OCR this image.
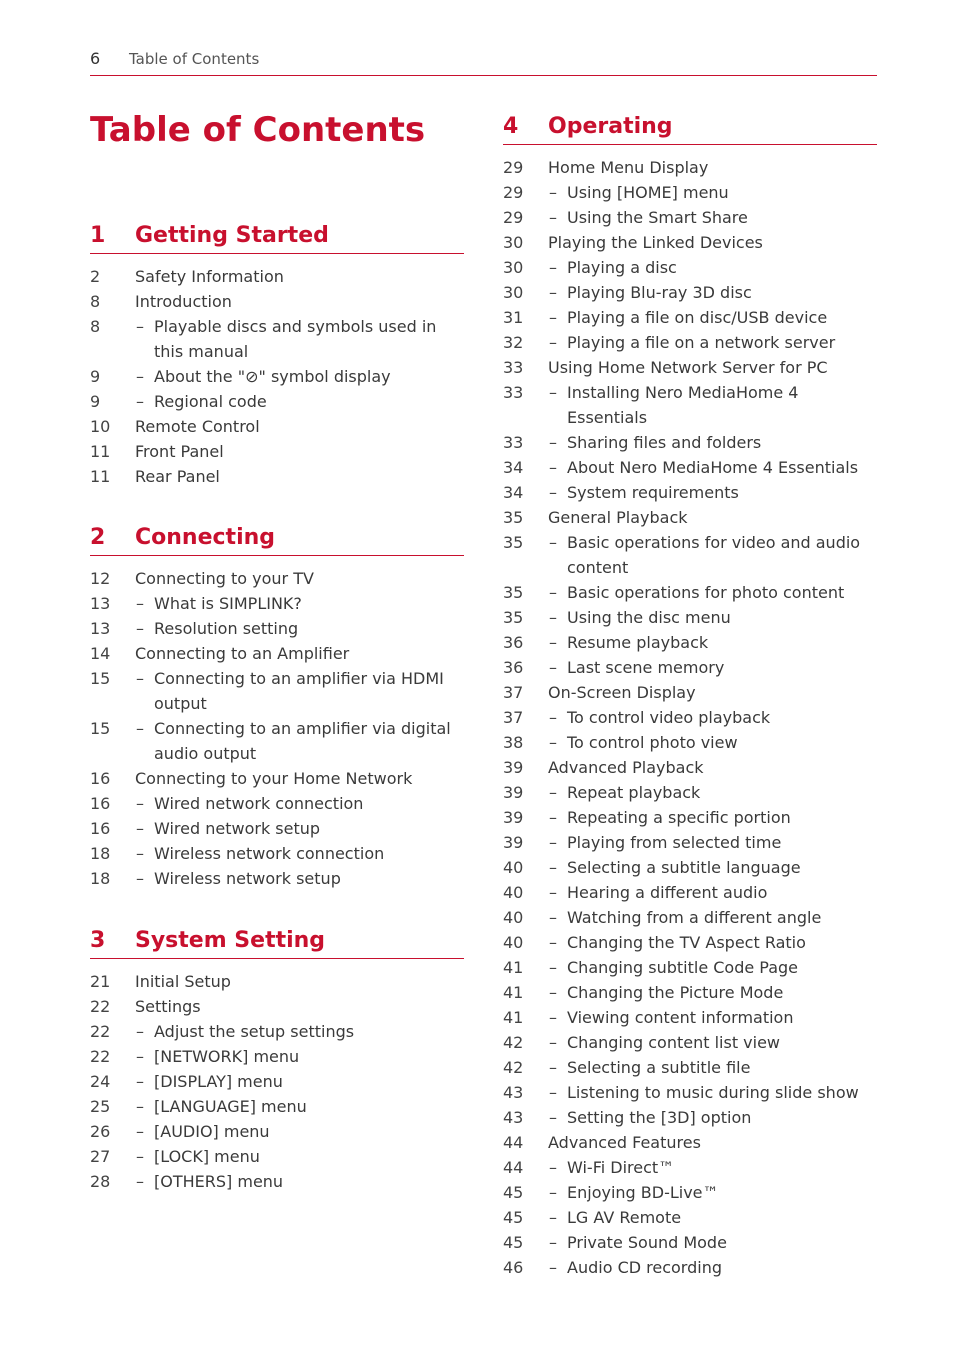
6 Table of Contents
Table of Contents
1 Getting Started
2	Safety Information
8	Introduction
8	– Playable discs and symbols used in this manual
9	– About the "⊘" symbol display
9	– Regional code
10	Remote Control
11	Front Panel
11	Rear Panel
2 Connecting
12	Connecting to your TV
13	– What is SIMPLINK?
13	– Resolution setting
14	Connecting to an Amplifier
15	– Connecting to an amplifier via HDMI output
15	– Connecting to an amplifier via digital audio output
16	Connecting to your Home Network
16	– Wired network connection
16	– Wired network setup
18	– Wireless network connection
18	– Wireless network setup
3 System Setting
21	Initial Setup
22	Settings
22	– Adjust the setup settings
22	– [NETWORK] menu
24	– [DISPLAY] menu
25	– [LANGUAGE] menu
26	– [AUDIO] menu
27	– [LOCK] menu
28	– [OTHERS] menu
4 Operating
29	Home Menu Display
29	– Using [HOME] menu
29	– Using the Smart Share
30	Playing the Linked Devices
30	– Playing a disc
30	– Playing Blu-ray 3D disc
31	– Playing a file on disc/USB device
32	– Playing a file on a network server
33	Using Home Network Server for PC
33	– Installing Nero MediaHome 4 Essentials
33	– Sharing files and folders
34	– About Nero MediaHome 4 Essentials
34	– System requirements
35	General Playback
35	– Basic operations for video and audio content
35	– Basic operations for photo content
35	– Using the disc menu
36	– Resume playback
36	– Last scene memory
37	On-Screen Display
37	– To control video playback
38	– To control photo view
39	Advanced Playback
39	– Repeat playback
39	– Repeating a specific portion
39	– Playing from selected time
40	– Selecting a subtitle language
40	– Hearing a different audio
40	– Watching from a different angle
40	– Changing the TV Aspect Ratio
41	– Changing subtitle Code Page
41	– Changing the Picture Mode
41	– Viewing content information
42	– Changing content list view
42	– Selecting a subtitle file
43	– Listening to music during slide show
43	– Setting the [3D] option
44	Advanced Features
44	– Wi-Fi Direct™
45	– Enjoying BD-Live™
45	– LG AV Remote
45	– Private Sound Mode
46	– Audio CD recording
